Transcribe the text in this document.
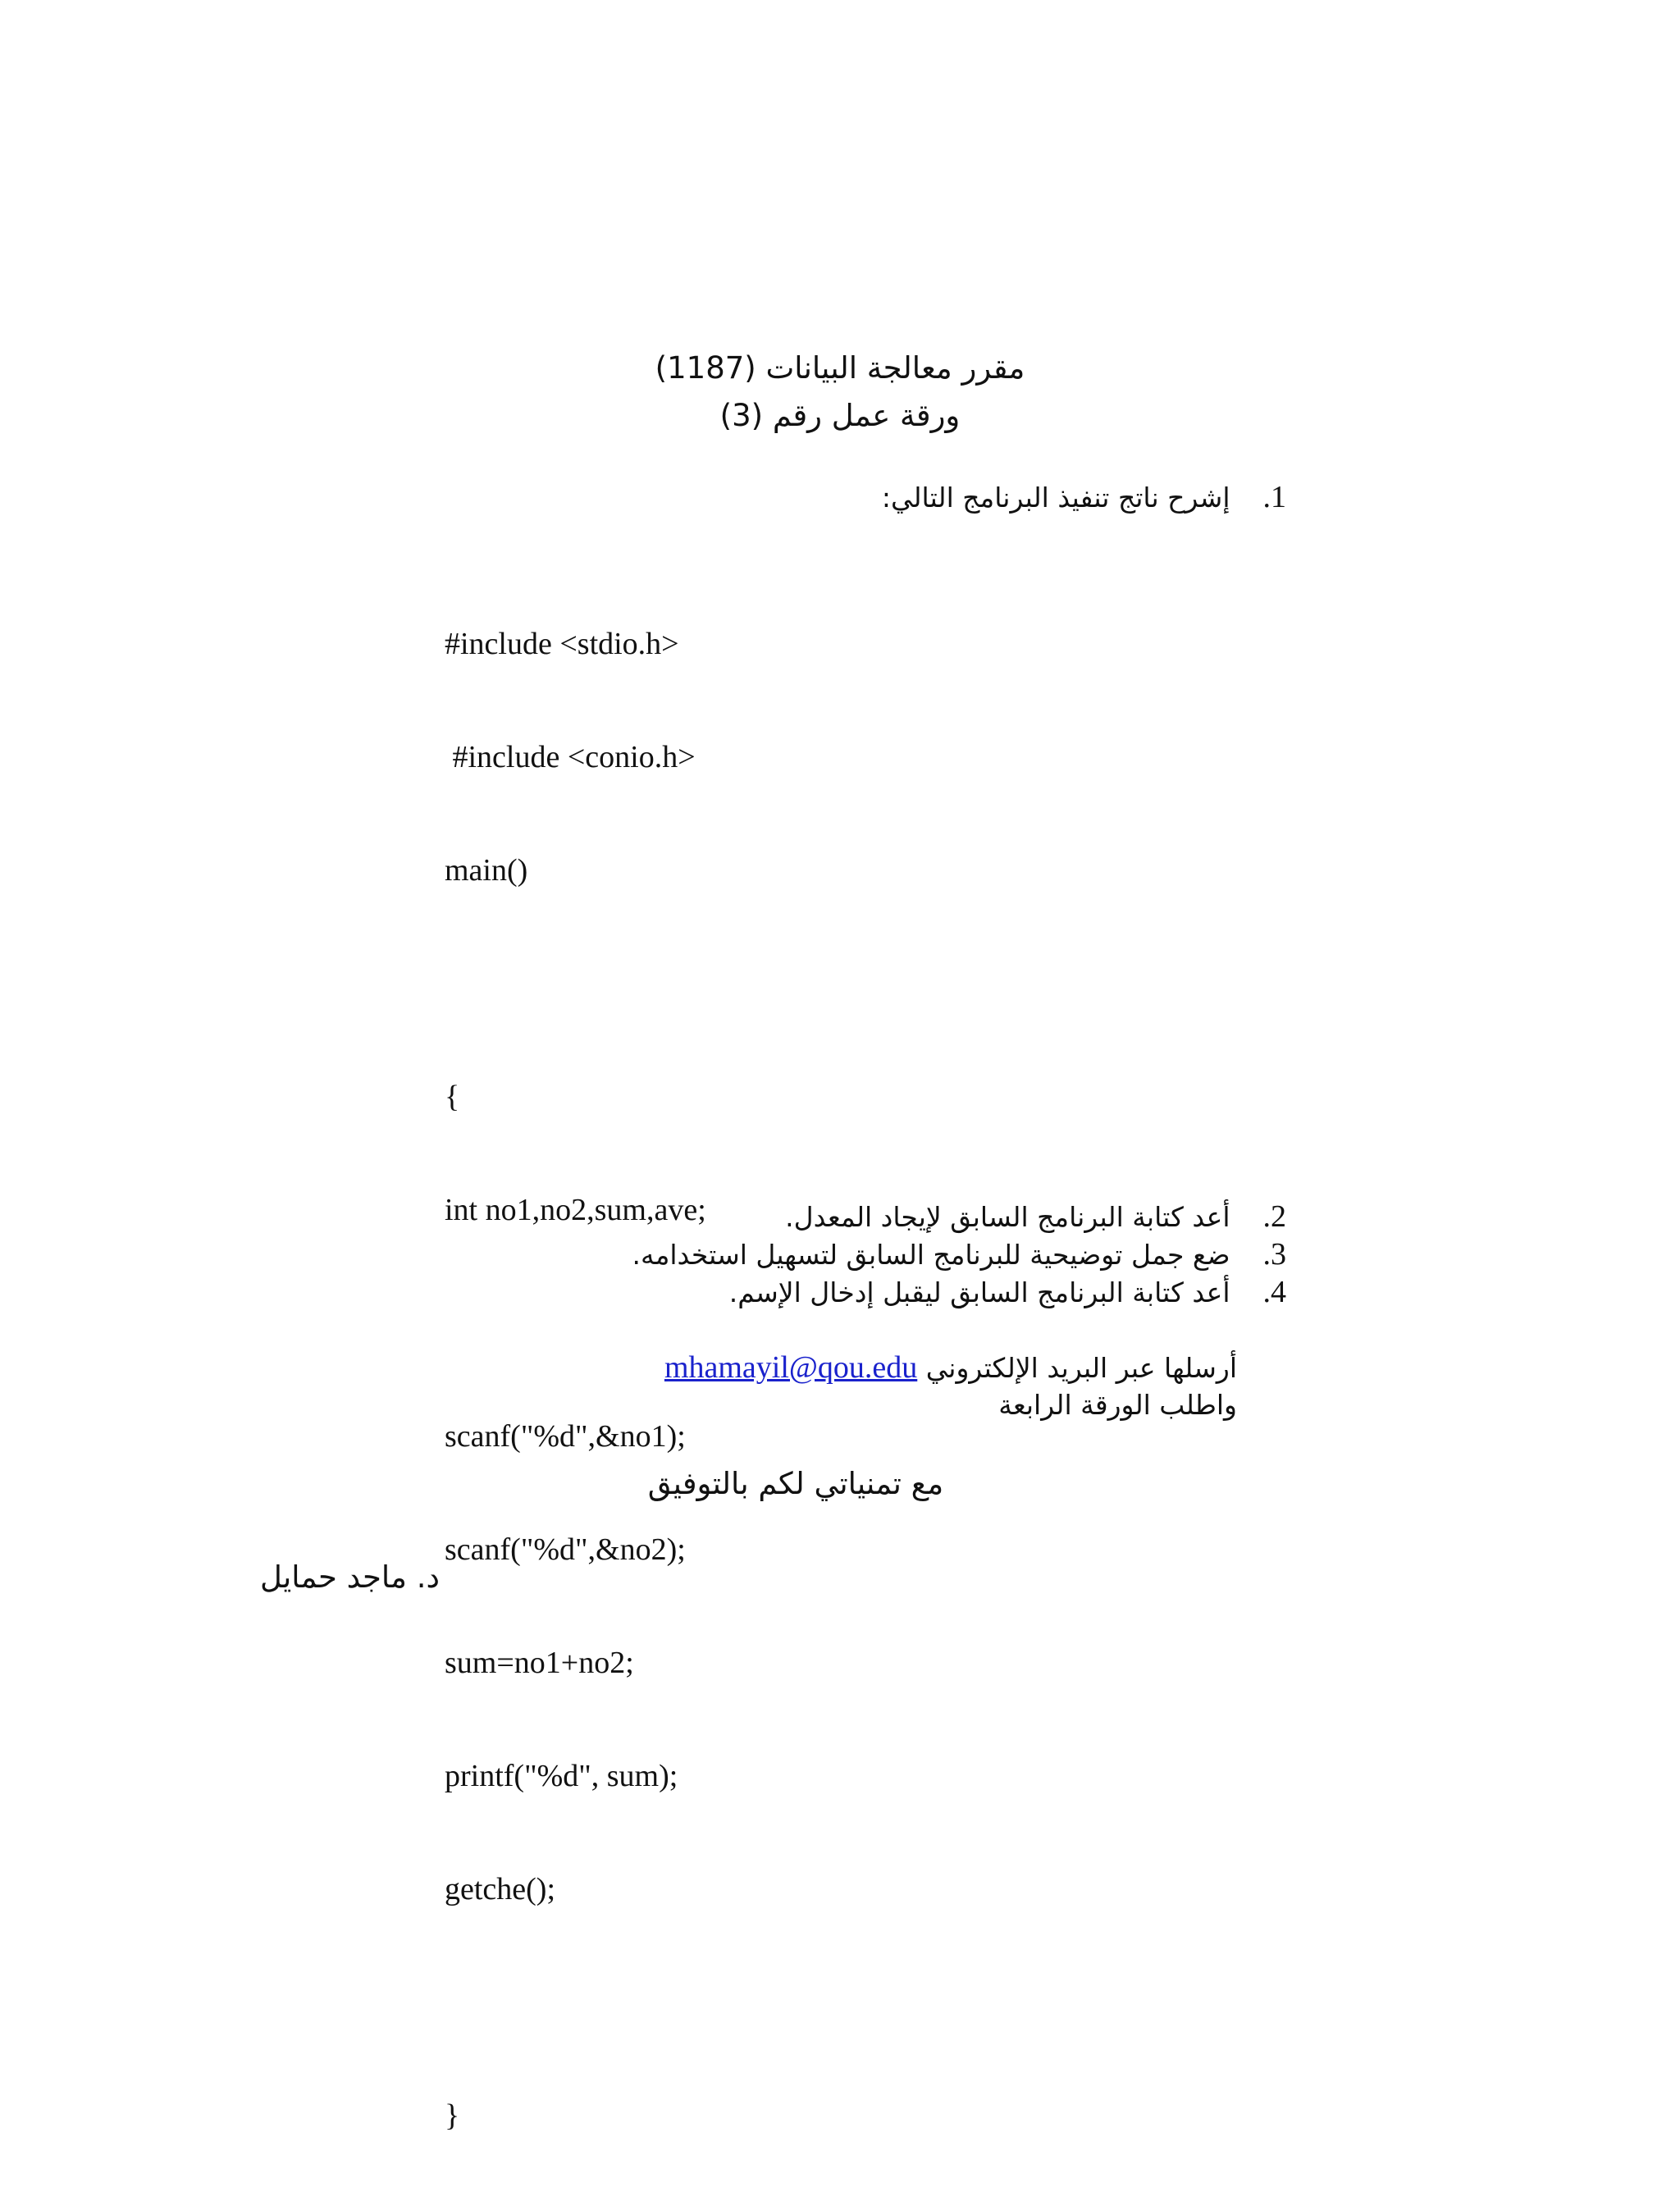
مقرر معالجة البيانات (1187)
ورقة عمل رقم (3)
1. إشرح ناتج تنفيذ البرنامج التالي:

#include <stdio.h>

#include <conio.h>

main()

{

int no1,no2,sum,ave;

scanf("%d",&no1);

scanf("%d",&no2);

sum=no1+no2;

printf("%d", sum);

getche();

}

2. أعد كتابة البرنامج السابق لإيجاد المعدل.
3. ضع جمل توضيحية للبرنامج السابق لتسهيل استخدامه.
4. أعد كتابة البرنامج السابق ليقبل إدخال الإسم.
أرسلها عبر البريد الإلكتروني mhamayil@qou.edu
واطلب الورقة الرابعة
مع تمنياتي لكم بالتوفيق
د. ماجد حمايل
